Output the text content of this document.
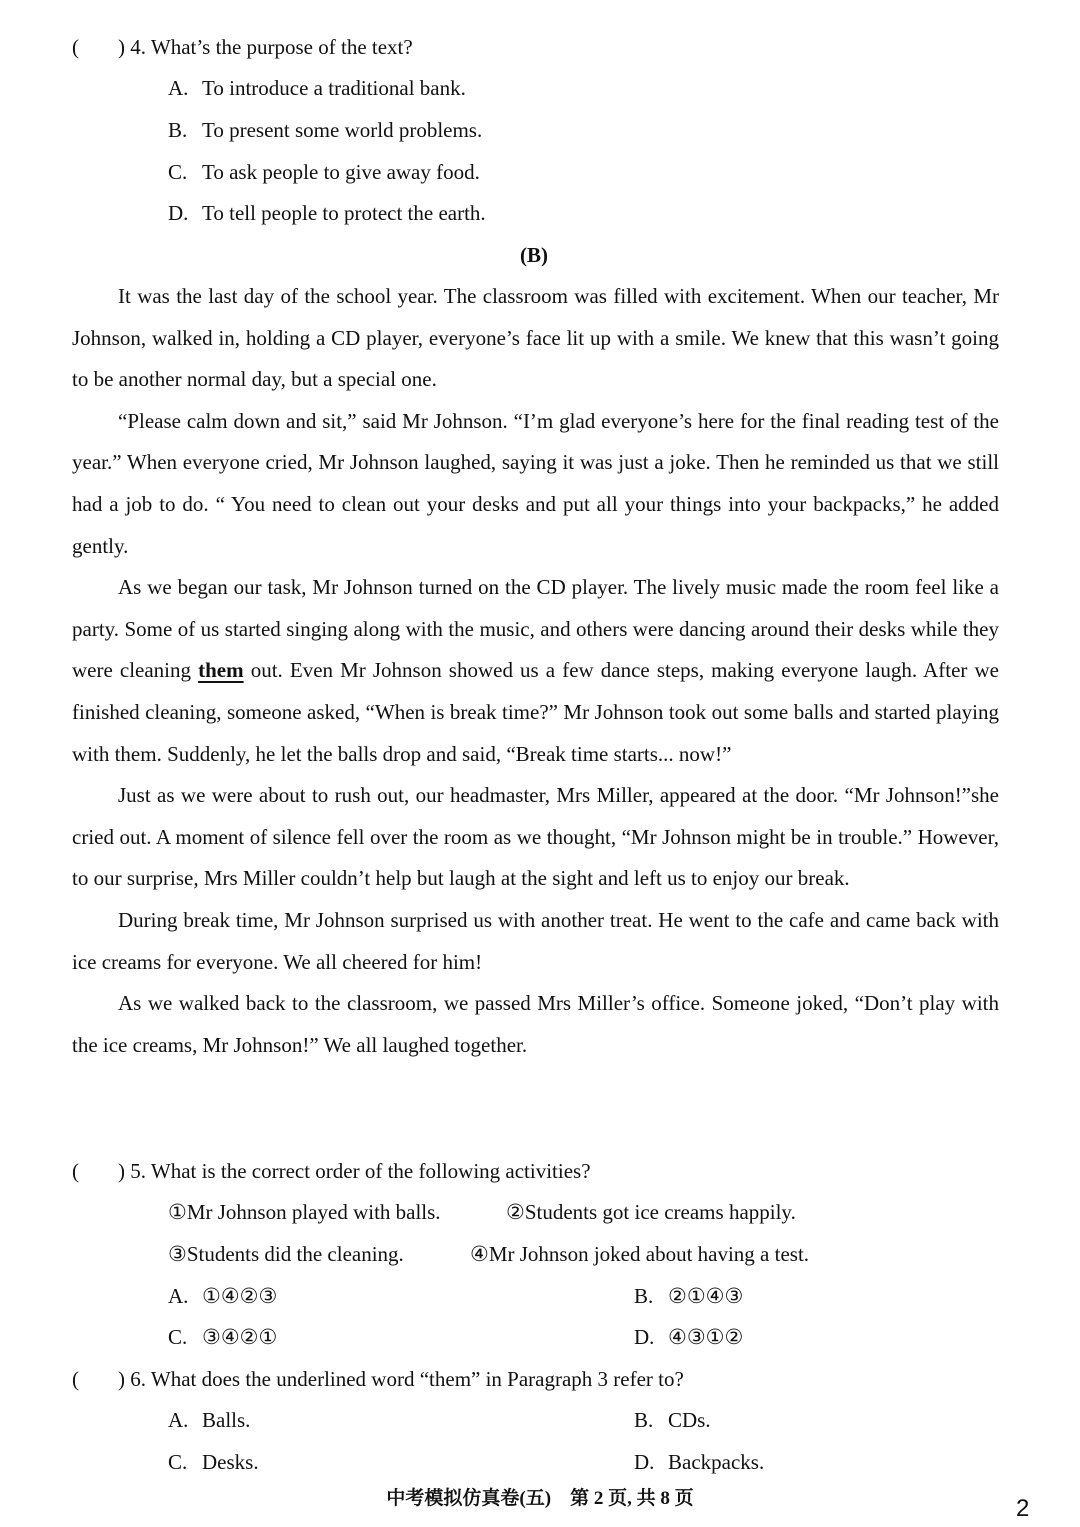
( ) 4. What’s the purpose of the text?
A. To introduce a traditional bank.
B. To present some world problems.
C. To ask people to give away food.
D. To tell people to protect the earth.
(B)

It was the last day of the school year. The classroom was filled with excitement. When our teacher, Mr Johnson, walked in, holding a CD player, everyone’s face lit up with a smile. We knew that this wasn’t going to be another normal day, but a special one.

“Please calm down and sit,” said Mr Johnson. “I’m glad everyone’s here for the final reading test of the year.” When everyone cried, Mr Johnson laughed, saying it was just a joke. Then he reminded us that we still had a job to do. “ You need to clean out your desks and put all your things into your backpacks,” he added gently.

As we began our task, Mr Johnson turned on the CD player. The lively music made the room feel like a party. Some of us started singing along with the music, and others were dancing around their desks while they were cleaning them out. Even Mr Johnson showed us a few dance steps, making everyone laugh. After we finished cleaning, someone asked, “When is break time?” Mr Johnson took out some balls and started playing with them. Suddenly, he let the balls drop and said, “Break time starts... now!”

Just as we were about to rush out, our headmaster, Mrs Miller, appeared at the door. “Mr Johnson!”she cried out. A moment of silence fell over the room as we thought, “Mr Johnson might be in trouble.” However, to our surprise, Mrs Miller couldn’t help but laugh at the sight and left us to enjoy our break.

During break time, Mr Johnson surprised us with another treat. He went to the cafe and came back with ice creams for everyone. We all cheered for him!

As we walked back to the classroom, we passed Mrs Miller’s office. Someone joked, “Don’t play with the ice creams, Mr Johnson!” We all laughed together.

( ) 5. What is the correct order of the following activities?
①Mr Johnson played with balls.	②Students got ice creams happily.
③Students did the cleaning.	④Mr Johnson joked about having a test.
A. ①④②③	B. ②①④③
C. ③④②①	D. ④③①②
( ) 6. What does the underlined word “them” in Paragraph 3 refer to?
A. Balls.	B. CDs.
C. Desks.	D. Backpacks.
中考模拟仿真卷(五)　第 2 页, 共 8 页	2
